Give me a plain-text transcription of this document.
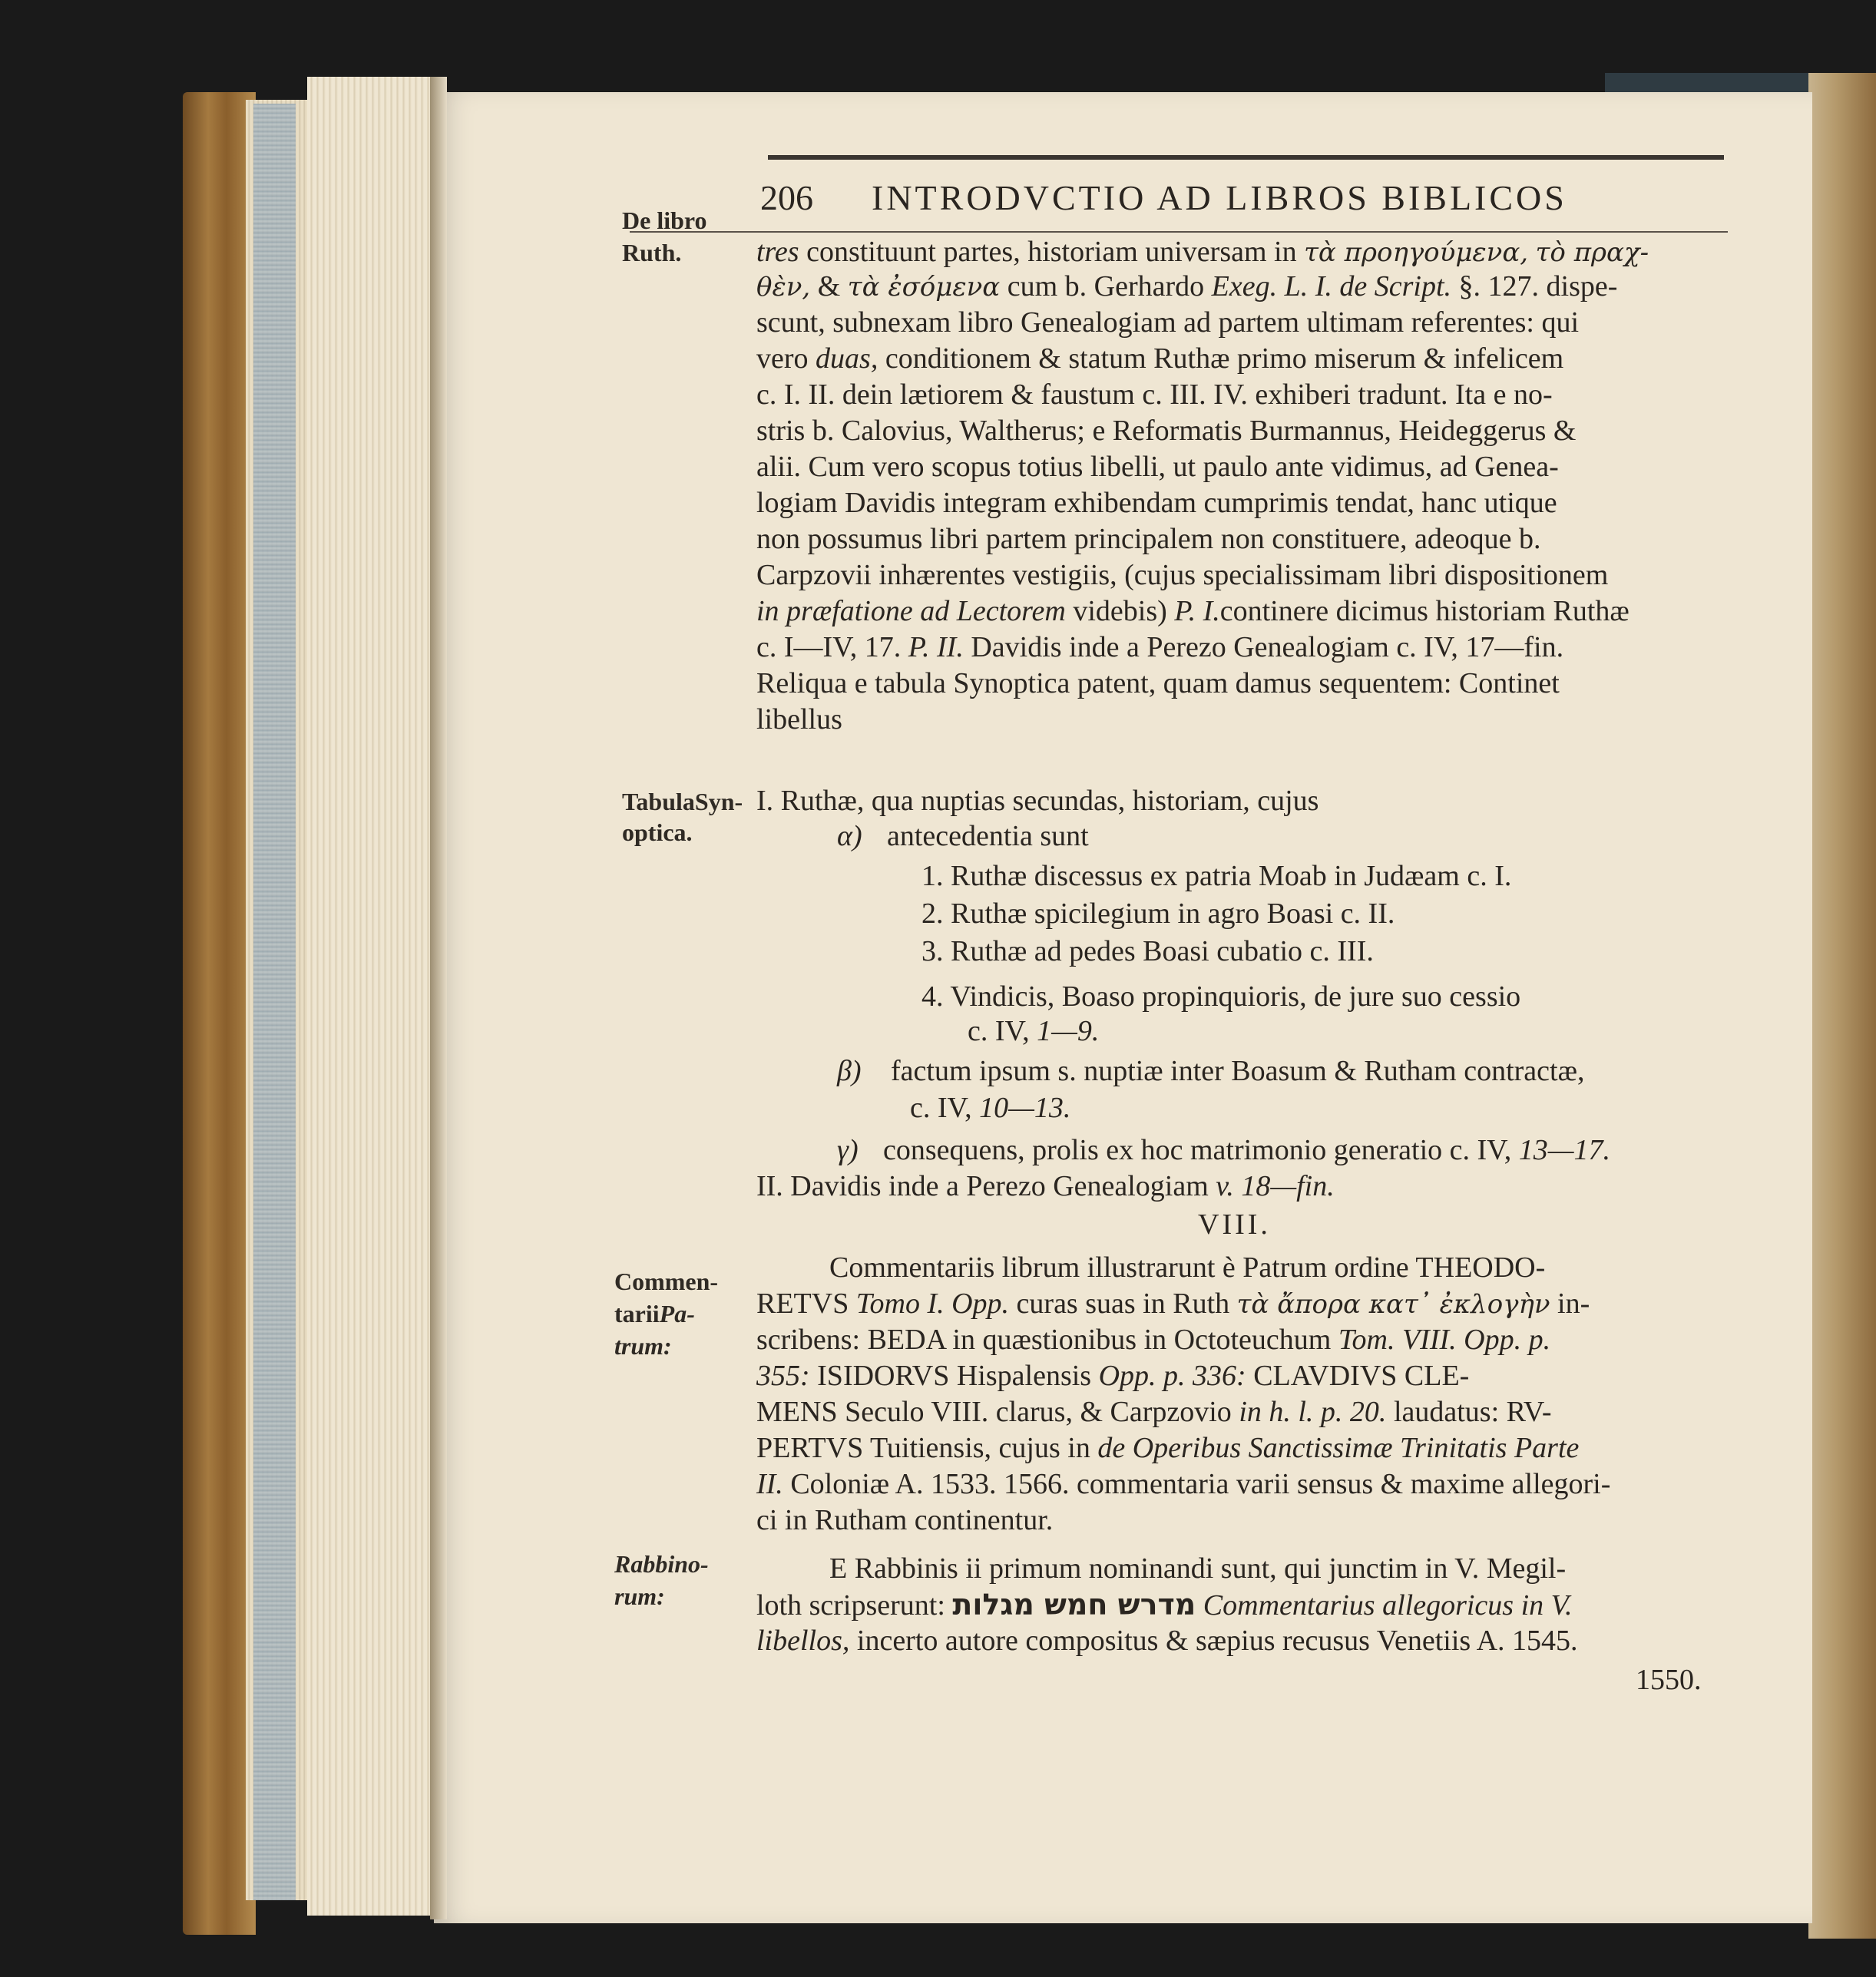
206 INTRODVCTIO AD LIBROS BIBLICOS
De libro
Ruth.
TabulaSyn-
optica.
Commen-
tariiPa-
trum:
Rabbino-
rum:
tres constituunt partes, historiam universam in τὰ προηγούμενα, τὸ πραχ-
θὲν, & τὰ ἐσόμενα cum b. Gerhardo Exeg. L. I. de Script. §. 127. dispe-
scunt, subnexam libro Genealogiam ad partem ultimam referentes: qui
vero duas, conditionem & statum Ruthæ primo miserum & infelicem
c. I. II. dein lætiorem & faustum c. III. IV. exhiberi tradunt. Ita e no-
stris b. Calovius, Waltherus; e Reformatis Burmannus, Heideggerus &
alii. Cum vero scopus totius libelli, ut paulo ante vidimus, ad Genea-
logiam Davidis integram exhibendam cumprimis tendat, hanc utique
non possumus libri partem principalem non constituere, adeoque b.
Carpzovii inhærentes vestigiis, (cujus specialissimam libri dispositionem
in præfatione ad Lectorem videbis) P. I.continere dicimus historiam Ruthæ
c. I—IV, 17. P. II. Davidis inde a Perezo Genealogiam c. IV, 17—fin.
Reliqua e tabula Synoptica patent, quam damus sequentem: Continet
libellus
I. Ruthæ, qua nuptias secundas, historiam, cujus
α) antecedentia sunt
1. Ruthæ discessus ex patria Moab in Judæam c. I.
2. Ruthæ spicilegium in agro Boasi c. II.
3. Ruthæ ad pedes Boasi cubatio c. III.
4. Vindicis, Boaso propinquioris, de jure suo cessio
c. IV, 1—9.
β) factum ipsum s. nuptiæ inter Boasum & Rutham contractæ,
c. IV, 10—13.
γ) consequens, prolis ex hoc matrimonio generatio c. IV, 13—17.
II. Davidis inde a Perezo Genealogiam v. 18—fin.
VIII.
Commentariis librum illustrarunt è Patrum ordine THEODO-
RETVS Tomo I. Opp. curas suas in Ruth τὰ ἄπορα κατ᾽ ἐκλογὴν in-
scribens: BEDA in quæstionibus in Octoteuchum Tom. VIII. Opp. p.
355: ISIDORVS Hispalensis Opp. p. 336: CLAVDIVS CLE-
MENS Seculo VIII. clarus, & Carpzovio in h. l. p. 20. laudatus: RV-
PERTVS Tuitiensis, cujus in de Operibus Sanctissimæ Trinitatis Parte
II. Coloniæ A. 1533. 1566. commentaria varii sensus & maxime allegori-
ci in Rutham continentur.
E Rabbinis ii primum nominandi sunt, qui junctim in V. Megil-
loth scripserunt: מדרש חמש מגלות Commentarius allegoricus in V.
libellos, incerto autore compositus & sæpius recusus Venetiis A. 1545.
1550.
